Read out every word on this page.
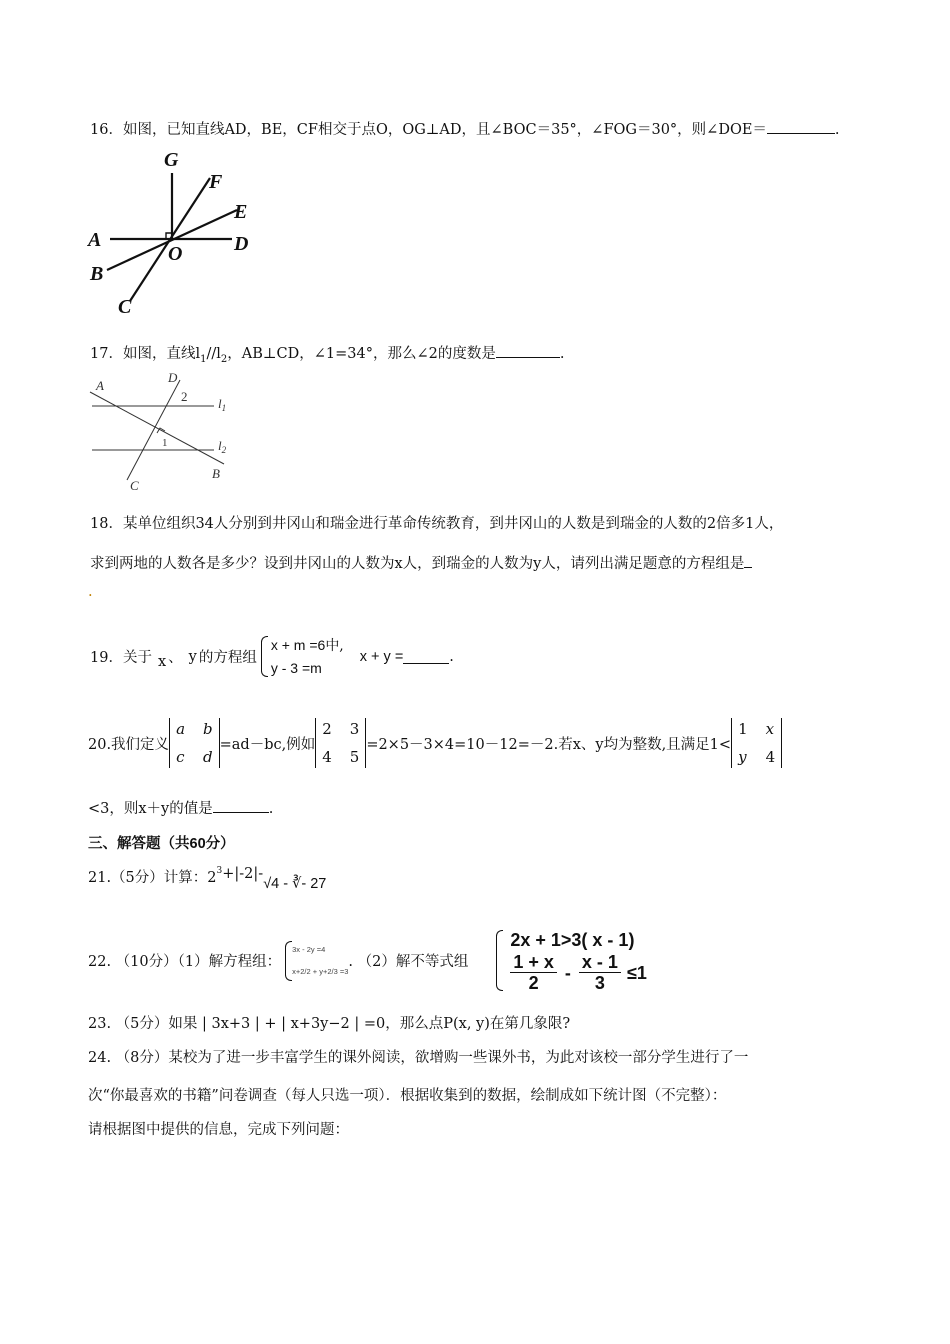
16．如图，已知直线AD，BE，CF相交于点O，OG⊥AD，且∠BOC＝35°，∠FOG＝30°，则∠DOE＝	.
G
F
E
A
O	D
B
C
17．如图，直线$l_1//l_2$，AB⊥CD，∠1=34°，那么∠2的度数是	.
A
D
2 $l_1$
1	$l_2$
B
C
18．某单位组织34人分别到井冈山和瑞金进行革命传统教育，到井冈山的人数是到瑞金的人数的2倍多1人，
求到两地的人数各是多少？设到井冈山的人数为x人，到瑞金的人数为y人，请列出满足题意的方程组是
.
19．关于 x 、 y 的方程组
x + m =6中,
y - 3 =m
x + y =	.
20.我们定义
a b
c d
=ad－bc,例如
2 3
4 5
=2×5－3×4=10－12=－2.若x、y均为整数,且满足1<
1 x
y 4
<3，则x＋y的值是	.
三、解答题（共60分）
21.（5分）计算：$2^3 +|-2|-$
√4 - ∛- 27
22. （10分）（1）解方程组：
3x - 2y =4
x+2/2 + y+2/3 =3
. （2）解不等式组
2x + 1>3( x - 1)
$\frac{1 + x}{2} - \frac{x - 1}{3} \le 1$
23. （5分）如果 | 3x+3 | + | x+3y−2 | =0，那么点P(x, y)在第几象限?
24. （8分）某校为了进一步丰富学生的课外阅读，欲增购一些课外书，为此对该校一部分学生进行了一
次“你最喜欢的书籍”问卷调查（每人只选一项）．根据收集到的数据，绘制成如下统计图（不完整）：
请根据图中提供的信息，完成下列问题：
